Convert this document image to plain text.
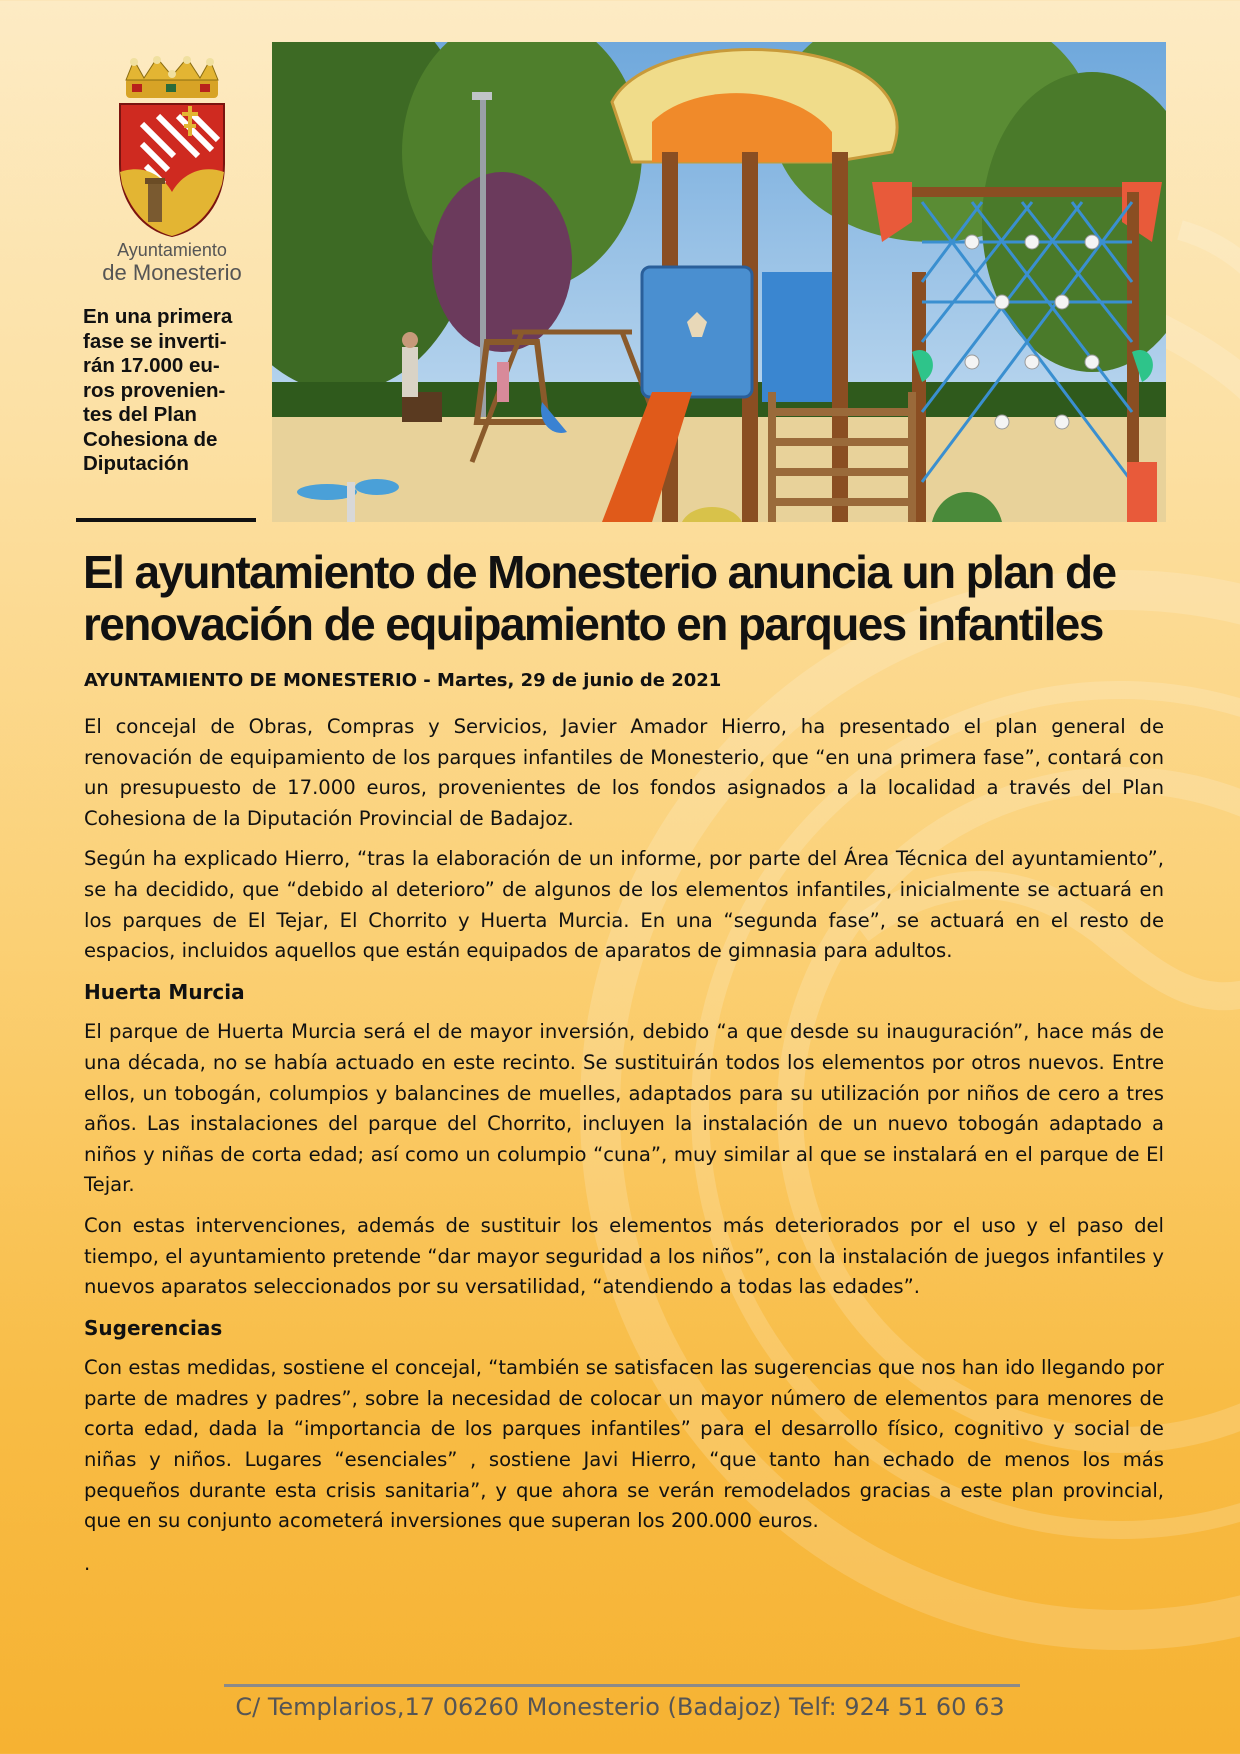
Ayuntamiento
de Monesterio

En una primera
fase se inverti-
rán 17.000 eu-
ros provenien-
tes del Plan
Cohesiona de
Diputación

El ayuntamiento de Monesterio anuncia un plan de renovación de equipamiento en parques infantiles

AYUNTAMIENTO DE MONESTERIO - Martes, 29 de junio de 2021

El concejal de Obras, Compras y Servicios, Javier Amador Hierro, ha presentado el plan general de renovación de equipamiento de los parques infantiles de Monesterio, que “en una primera fase”, contará con un presupuesto de 17.000 euros, provenientes de los fondos asignados a la localidad a través del Plan Cohesiona de la Diputación Provincial de Badajoz.

Según ha explicado Hierro, “tras la elaboración de un informe, por parte del Área Técnica del ayuntamiento”, se ha decidido, que “debido al deterioro” de algunos de los elementos infantiles, inicialmente se actuará en los parques de El Tejar, El Chorrito y Huerta Murcia. En una “segunda fase”, se actuará en el resto de espacios, incluidos aquellos que están equipados de aparatos de gimnasia para adultos.

Huerta Murcia

El parque de Huerta Murcia será el de mayor inversión, debido “a que desde su inauguración”, hace más de una década, no se había actuado en este recinto. Se sustituirán todos los elementos por otros nuevos. Entre ellos, un tobogán, columpios y balancines de muelles, adaptados para su utilización por niños de cero a tres años. Las instalaciones del parque del Chorrito, incluyen la instalación de un nuevo tobogán adaptado a niños y niñas de corta edad; así como un columpio “cuna”, muy similar al que se instalará en el parque de El Tejar.

Con estas intervenciones, además de sustituir los elementos más deteriorados por el uso y el paso del tiempo, el ayuntamiento pretende “dar mayor seguridad a los niños”, con la instalación de juegos infantiles y nuevos aparatos seleccionados por su versatilidad, “atendiendo a todas las edades”.

Sugerencias

Con estas medidas, sostiene el concejal, “también se satisfacen las sugerencias que nos han ido llegando por parte de madres y padres”, sobre la necesidad de colocar un mayor número de elementos para menores de corta edad, dada la “importancia de los parques infantiles” para el desarrollo físico, cognitivo y social de niñas y niños. Lugares “esenciales” , sostiene Javi Hierro, “que tanto han echado de menos los más pequeños durante esta crisis sanitaria”, y que ahora se verán remodelados gracias a este plan provincial, que en su conjunto acometerá inversiones que superan los 200.000 euros.

.

C/ Templarios,17 06260 Monesterio (Badajoz) Telf: 924 51 60 63
